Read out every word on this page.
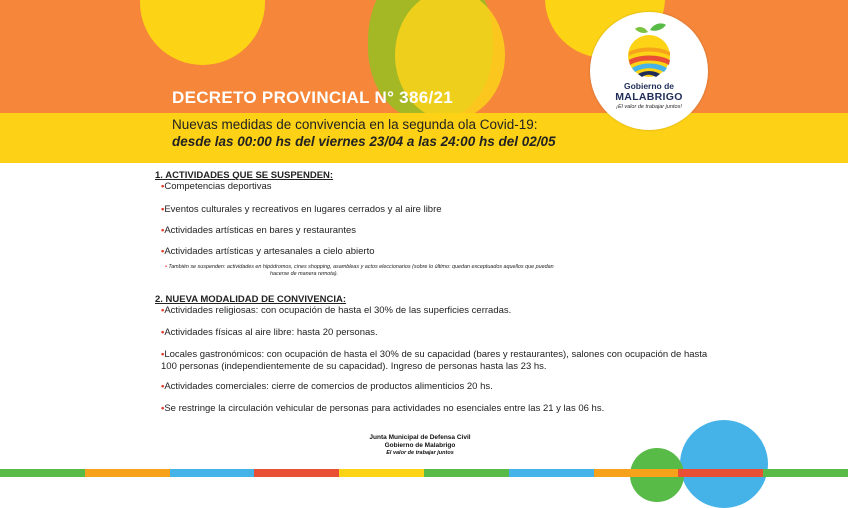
DECRETO PROVINCIAL N° 386/21
Nuevas medidas de convivencia en la segunda ola Covid-19:
desde las 00:00 hs del viernes 23/04 a las 24:00 hs del 02/05
Gobierno de
MALABRIGO
¡El valor de trabajar juntos!
1. ACTIVIDADES QUE SE SUSPENDEN:
•Competencias deportivas
•Eventos culturales y recreativos en lugares cerrados y al aire libre
•Actividades artísticas en bares y restaurantes
•Actividades artísticas y artesanales a cielo abierto
• También se suspenden: actividades en hipódromos, cines shopping, asambleas y actos eleccionarios (sobre lo último: quedan exceptuados aquellos que puedan
hacerse de manera remota).
2. NUEVA MODALIDAD DE CONVIVENCIA:
•Actividades religiosas: con ocupación de hasta el 30% de las superficies cerradas.
•Actividades físicas al aire libre: hasta 20 personas.
•Locales gastronómicos: con ocupación de hasta el 30% de su capacidad (bares y restaurantes), salones con ocupación de hasta 100 personas (independientemente de su capacidad). Ingreso de personas hasta las 23 hs.
•Actividades comerciales: cierre de comercios de productos alimenticios 20 hs.
•Se restringe la circulación vehicular de personas para actividades no esenciales entre las 21 y las 06 hs.
Junta Municipal de Defensa Civil
Gobierno de Malabrigo
El valor de trabajar juntos
